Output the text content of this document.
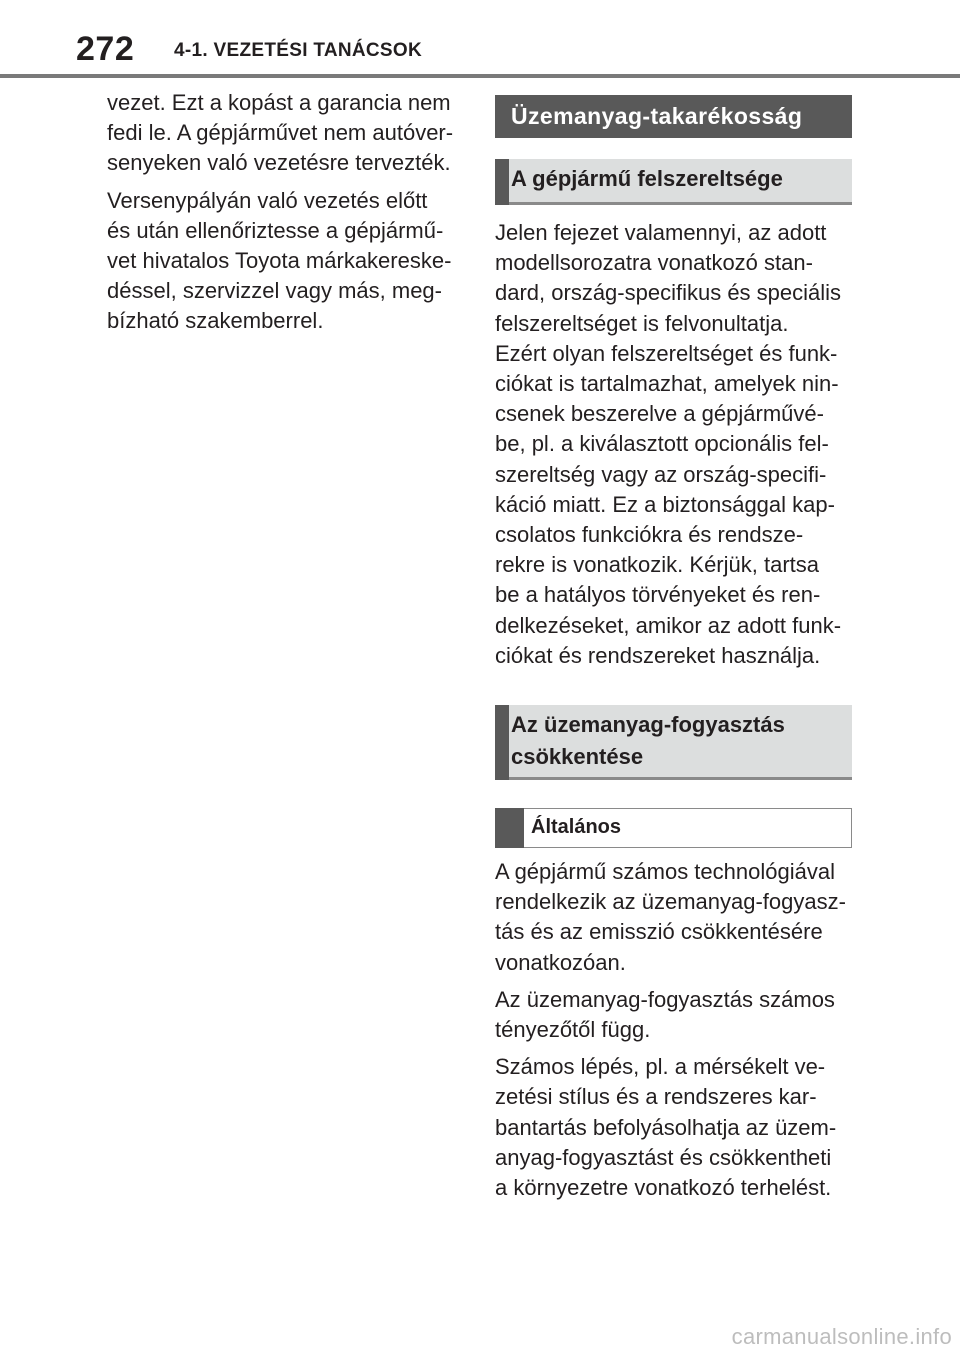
272 4-1. VEZETÉSI TANÁCSOK

vezet. Ezt a kopást a garancia nem
fedi le. A gépjárművet nem autóver-
senyeken való vezetésre tervezték.

Versenypályán való vezetés előtt
és után ellenőriztesse a gépjármű-
vet hivatalos Toyota márkakereske-
déssel, szervizzel vagy más, meg-
bízható szakemberrel.

Üzemanyag-takarékosság
A gépjármű felszereltsége

Jelen fejezet valamennyi, az adott
modellsorozatra vonatkozó stan-
dard, ország-specifikus és speciális
felszereltséget is felvonultatja.
Ezért olyan felszereltséget és funk-
ciókat is tartalmazhat, amelyek nin-
csenek beszerelve a gépjárművé-
be, pl. a kiválasztott opcionális fel-
szereltség vagy az ország-specifi-
káció miatt. Ez a biztonsággal kap-
csolatos funkciókra és rendsze-
rekre is vonatkozik. Kérjük, tartsa
be a hatályos törvényeket és ren-
delkezéseket, amikor az adott funk-
ciókat és rendszereket használja.

Az üzemanyag-fogyasztás
csökkentése
Általános

A gépjármű számos technológiával
rendelkezik az üzemanyag-fogyasz-
tás és az emisszió csökkentésére
vonatkozóan.

Az üzemanyag-fogyasztás számos
tényezőtől függ.

Számos lépés, pl. a mérsékelt ve-
zetési stílus és a rendszeres kar-
bantartás befolyásolhatja az üzem-
anyag-fogyasztást és csökkentheti
a környezetre vonatkozó terhelést.

carmanualsonline.info
